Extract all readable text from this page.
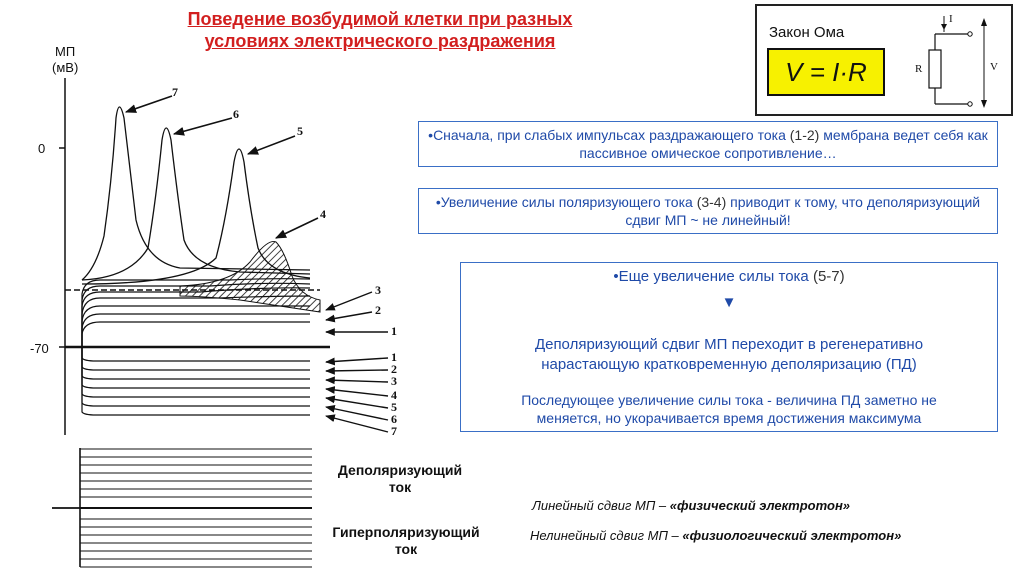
Поведение возбудимой клетки при разных
условиях электрического раздражения	Закон Ома
V = I·R
I
R	V
•Сначала, при слабых импульсах раздражающего тока (1-2) мембрана ведет себя как пассивное омическое сопротивление…
•Увеличение силы поляризующего тока (3-4) приводит к тому, что деполяризующий сдвиг МП ~ не линейный!
•Еще увеличение силы тока (5-7)
▼
Деполяризующий сдвиг МП переходит в регенеративно
нарастающую кратковременную деполяризацию (ПД)
Последующее увеличение силы тока - величина ПД заметно не
меняется, но укорачивается время достижения максимума
МП
(мВ)
0
-70
7
6
5
4
3
2
1
1
2
3
4
5
6
7
Деполяризующий
ток
Гиперполяризующий
ток
Линейный сдвиг МП – «физический электротон»
Нелинейный сдвиг МП – «физиологический электротон»
